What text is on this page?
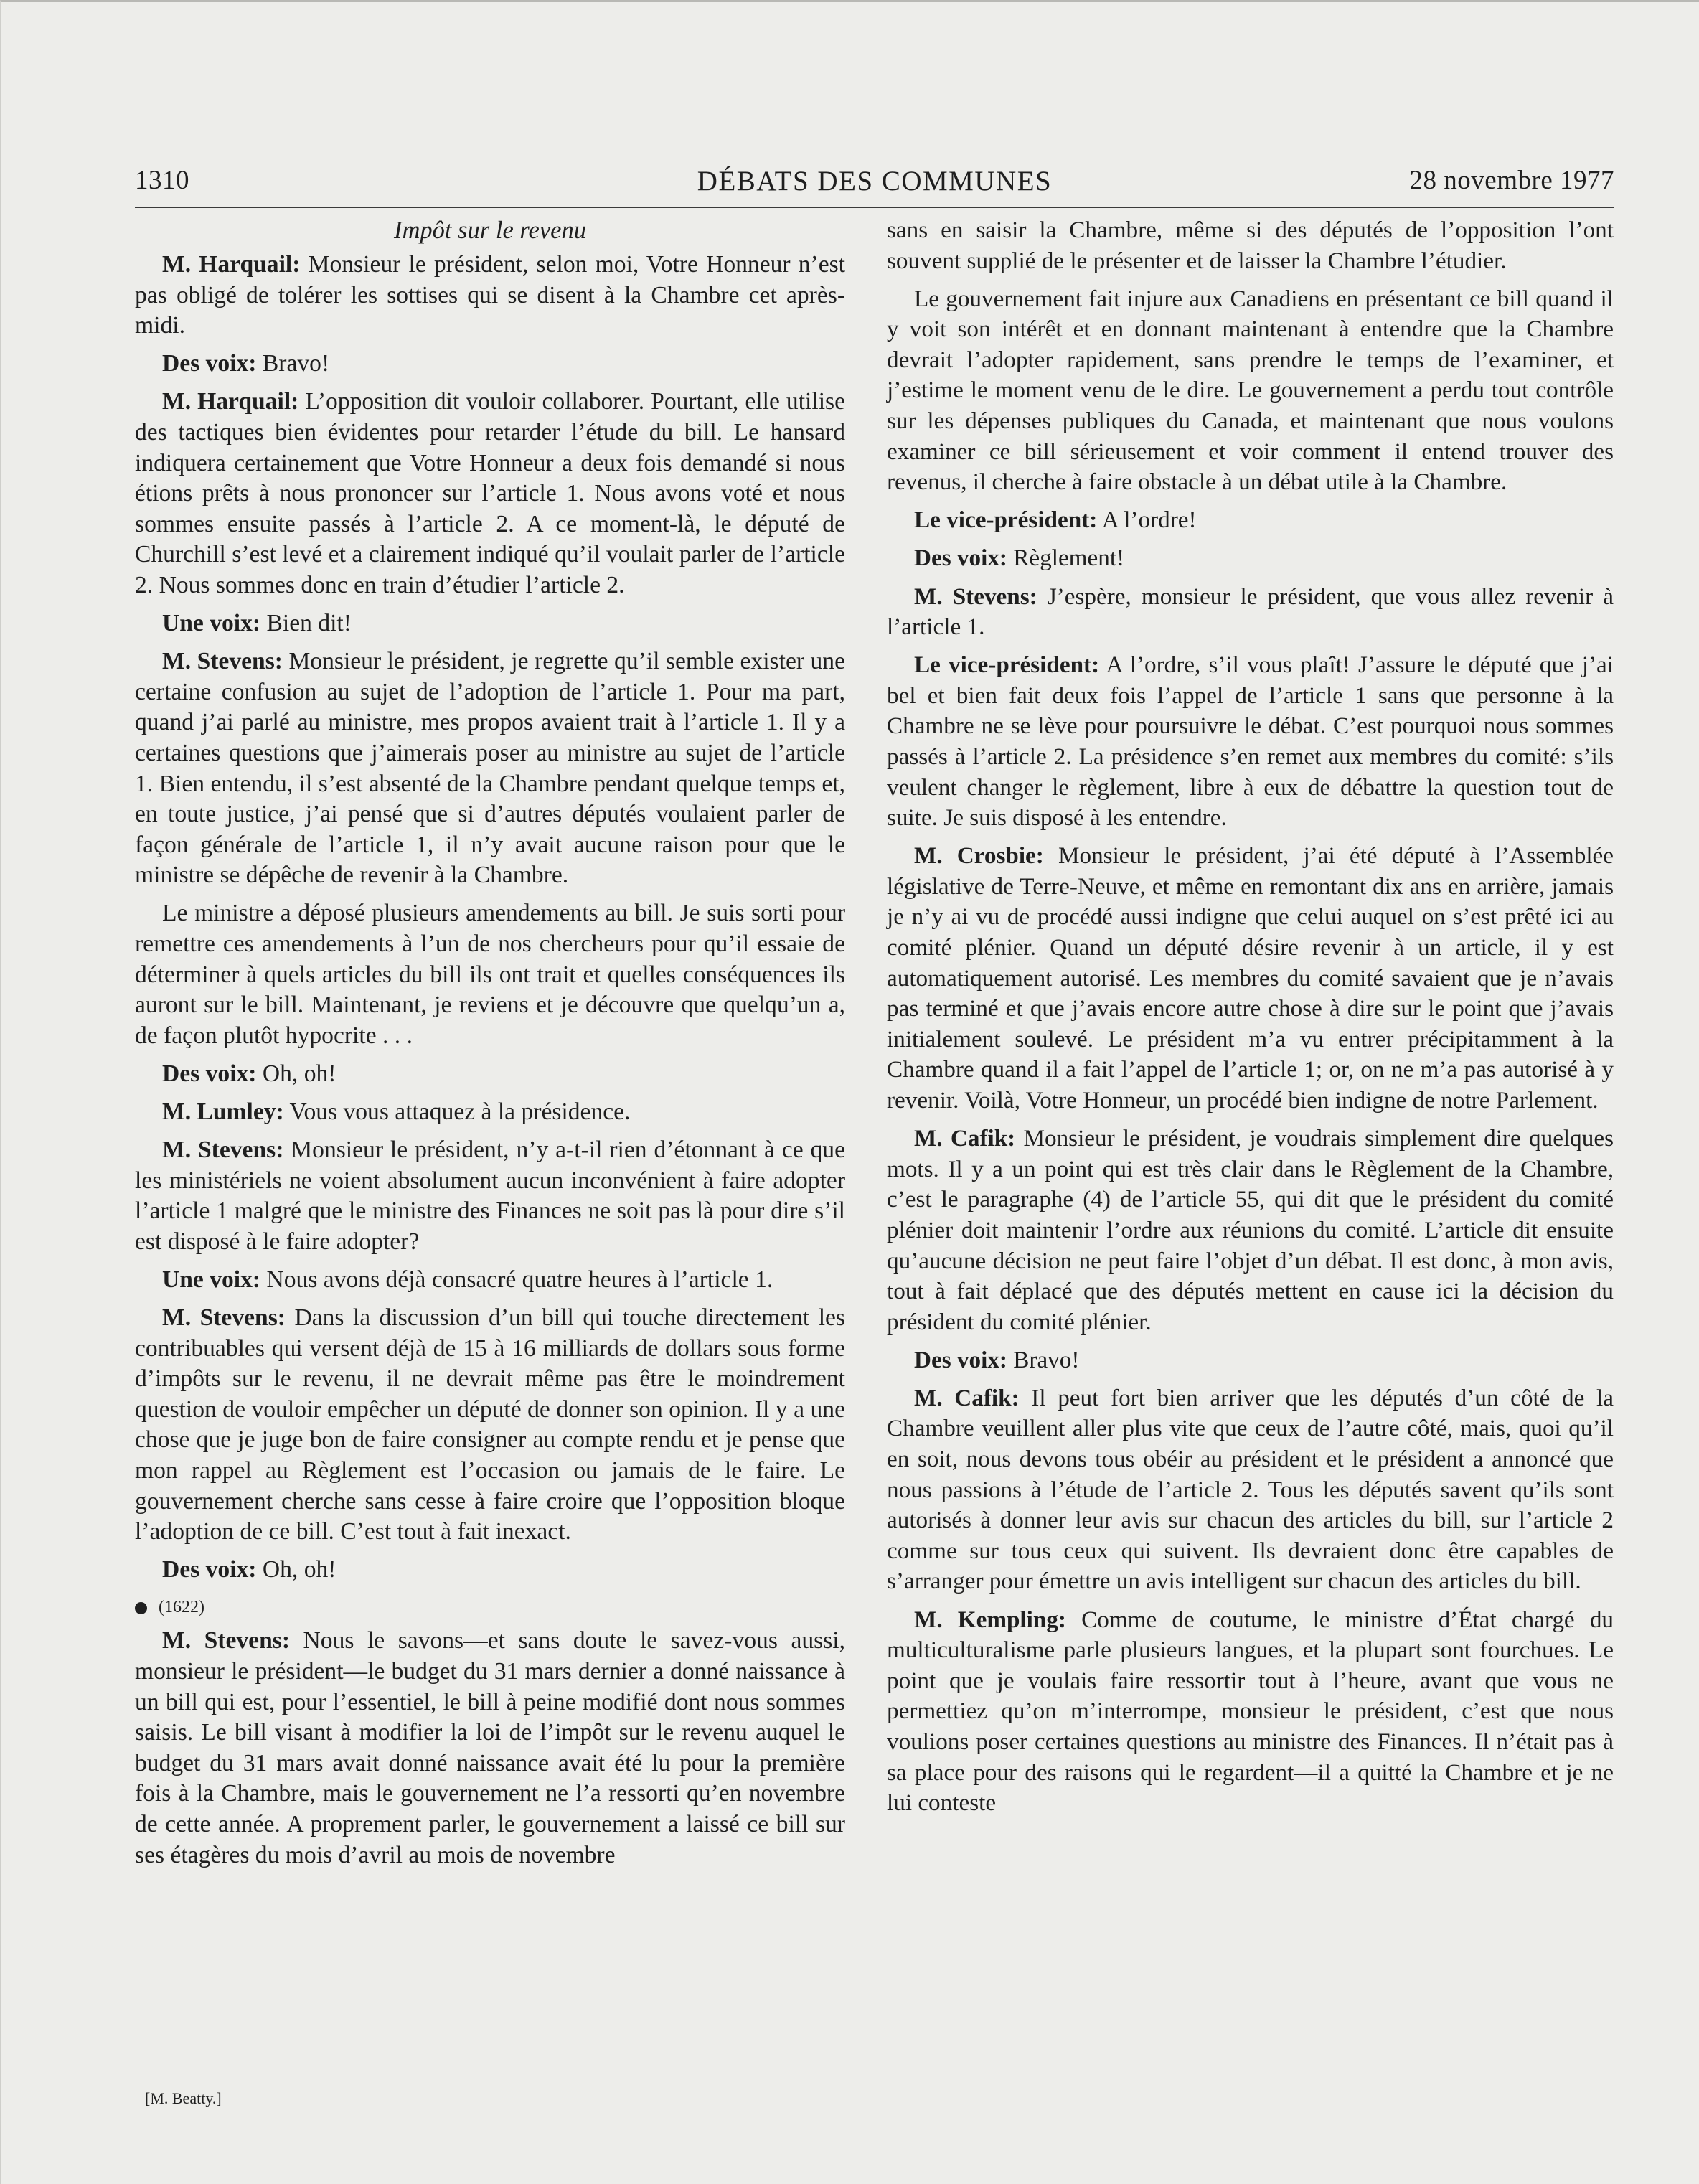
1310	DÉBATS DES COMMUNES	28 novembre 1977
Impôt sur le revenu

M. Harquail: Monsieur le président, selon moi, Votre Honneur n’est pas obligé de tolérer les sottises qui se disent à la Chambre cet après-midi.

Des voix: Bravo!

M. Harquail: L’opposition dit vouloir collaborer. Pourtant, elle utilise des tactiques bien évidentes pour retarder l’étude du bill. Le hansard indiquera certainement que Votre Honneur a deux fois demandé si nous étions prêts à nous prononcer sur l’article 1. Nous avons voté et nous sommes ensuite passés à l’article 2. A ce moment-là, le député de Churchill s’est levé et a clairement indiqué qu’il voulait parler de l’article 2. Nous sommes donc en train d’étudier l’article 2.

Une voix: Bien dit!

M. Stevens: Monsieur le président, je regrette qu’il semble exister une certaine confusion au sujet de l’adoption de l’article 1. Pour ma part, quand j’ai parlé au ministre, mes propos avaient trait à l’article 1. Il y a certaines questions que j’aimerais poser au ministre au sujet de l’article 1. Bien entendu, il s’est absenté de la Chambre pendant quelque temps et, en toute justice, j’ai pensé que si d’autres députés voulaient parler de façon générale de l’article 1, il n’y avait aucune raison pour que le ministre se dépêche de revenir à la Chambre.

Le ministre a déposé plusieurs amendements au bill. Je suis sorti pour remettre ces amendements à l’un de nos chercheurs pour qu’il essaie de déterminer à quels articles du bill ils ont trait et quelles conséquences ils auront sur le bill. Maintenant, je reviens et je découvre que quelqu’un a, de façon plutôt hypocrite . . .

Des voix: Oh, oh!

M. Lumley: Vous vous attaquez à la présidence.

M. Stevens: Monsieur le président, n’y a-t-il rien d’étonnant à ce que les ministériels ne voient absolument aucun inconvénient à faire adopter l’article 1 malgré que le ministre des Finances ne soit pas là pour dire s’il est disposé à le faire adopter?

Une voix: Nous avons déjà consacré quatre heures à l’article 1.

M. Stevens: Dans la discussion d’un bill qui touche directement les contribuables qui versent déjà de 15 à 16 milliards de dollars sous forme d’impôts sur le revenu, il ne devrait même pas être le moindrement question de vouloir empêcher un député de donner son opinion. Il y a une chose que je juge bon de faire consigner au compte rendu et je pense que mon rappel au Règlement est l’occasion ou jamais de le faire. Le gouvernement cherche sans cesse à faire croire que l’opposition bloque l’adoption de ce bill. C’est tout à fait inexact.

Des voix: Oh, oh!

(1622)

M. Stevens: Nous le savons—et sans doute le savez-vous aussi, monsieur le président—le budget du 31 mars dernier a donné naissance à un bill qui est, pour l’essentiel, le bill à peine modifié dont nous sommes saisis. Le bill visant à modifier la loi de l’impôt sur le revenu auquel le budget du 31 mars avait donné naissance avait été lu pour la première fois à la Chambre, mais le gouvernement ne l’a ressorti qu’en novembre de cette année. A proprement parler, le gouvernement a laissé ce bill sur ses étagères du mois d’avril au mois de novembre

[M. Beatty.]

sans en saisir la Chambre, même si des députés de l’opposition l’ont souvent supplié de le présenter et de laisser la Chambre l’étudier.

Le gouvernement fait injure aux Canadiens en présentant ce bill quand il y voit son intérêt et en donnant maintenant à entendre que la Chambre devrait l’adopter rapidement, sans prendre le temps de l’examiner, et j’estime le moment venu de le dire. Le gouvernement a perdu tout contrôle sur les dépenses publiques du Canada, et maintenant que nous voulons examiner ce bill sérieusement et voir comment il entend trouver des revenus, il cherche à faire obstacle à un débat utile à la Chambre.

Le vice-président: A l’ordre!

Des voix: Règlement!

M. Stevens: J’espère, monsieur le président, que vous allez revenir à l’article 1.

Le vice-président: A l’ordre, s’il vous plaît! J’assure le député que j’ai bel et bien fait deux fois l’appel de l’article 1 sans que personne à la Chambre ne se lève pour poursuivre le débat. C’est pourquoi nous sommes passés à l’article 2. La présidence s’en remet aux membres du comité: s’ils veulent changer le règlement, libre à eux de débattre la question tout de suite. Je suis disposé à les entendre.

M. Crosbie: Monsieur le président, j’ai été député à l’Assemblée législative de Terre-Neuve, et même en remontant dix ans en arrière, jamais je n’y ai vu de procédé aussi indigne que celui auquel on s’est prêté ici au comité plénier. Quand un député désire revenir à un article, il y est automatiquement autorisé. Les membres du comité savaient que je n’avais pas terminé et que j’avais encore autre chose à dire sur le point que j’avais initialement soulevé. Le président m’a vu entrer précipitamment à la Chambre quand il a fait l’appel de l’article 1; or, on ne m’a pas autorisé à y revenir. Voilà, Votre Honneur, un procédé bien indigne de notre Parlement.

M. Cafik: Monsieur le président, je voudrais simplement dire quelques mots. Il y a un point qui est très clair dans le Règlement de la Chambre, c’est le paragraphe (4) de l’article 55, qui dit que le président du comité plénier doit maintenir l’ordre aux réunions du comité. L’article dit ensuite qu’aucune décision ne peut faire l’objet d’un débat. Il est donc, à mon avis, tout à fait déplacé que des députés mettent en cause ici la décision du président du comité plénier.

Des voix: Bravo!

M. Cafik: Il peut fort bien arriver que les députés d’un côté de la Chambre veuillent aller plus vite que ceux de l’autre côté, mais, quoi qu’il en soit, nous devons tous obéir au président et le président a annoncé que nous passions à l’étude de l’article 2. Tous les députés savent qu’ils sont autorisés à donner leur avis sur chacun des articles du bill, sur l’article 2 comme sur tous ceux qui suivent. Ils devraient donc être capables de s’arranger pour émettre un avis intelligent sur chacun des articles du bill.

M. Kempling: Comme de coutume, le ministre d’État chargé du multiculturalisme parle plusieurs langues, et la plupart sont fourchues. Le point que je voulais faire ressortir tout à l’heure, avant que vous ne permettiez qu’on m’interrompe, monsieur le président, c’est que nous voulions poser certaines questions au ministre des Finances. Il n’était pas à sa place pour des raisons qui le regardent—il a quitté la Chambre et je ne lui conteste
